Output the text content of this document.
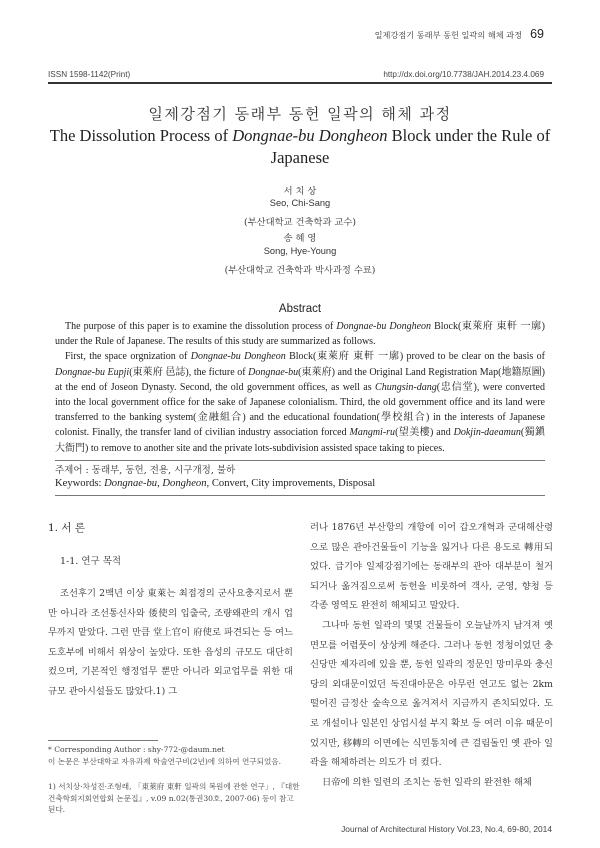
일제강점기 동래부 동헌 일곽의 해체 과정 69
ISSN 1598-1142(Print)	http://dx.doi.org/10.7738/JAH.2014.23.4.069
일제강점기 동래부 동헌 일곽의 해체 과정
The Dissolution Process of Dongnae-bu Dongheon Block under the Rule of Japanese
서 치 상
Seo, Chi-Sang
(부산대학교 건축학과 교수)
송 혜 영
Song, Hye-Young
(부산대학교 건축학과 박사과정 수료)
Abstract

The purpose of this paper is to examine the dissolution process of Dongnae-bu Dongheon Block(東萊府 東軒 一廓) under the Rule of Japanese. The results of this study are summarized as follows.

First, the space orgnization of Dongnae-bu Dongheon Block(東萊府 東軒 一廓) proved to be clear on the basis of Dongnae-bu Eupji(東萊府 邑誌), the ficture of Dongnae-bu(東萊府) and the Original Land Registration Map(地籍原圖) at the end of Joseon Dynasty. Second, the old government offices, as well as Chungsin-dang(忠信堂), were converted into the local government office for the sake of Japanese colonialism. Third, the old government office and its land were transferred to the banking system(金融組合) and the educational foundation(學校組合) in the interests of Japanese colonist. Finally, the transfer land of civilian industry association forced Mangmi-ru(望美樓) and Dokjin-daeamun(獨鎭大衙門) to remove to another site and the private lots-subdivision assisted space taking to pieces.

주제어 : 동래부, 동헌, 전용, 시구개정, 불하
Keywords: Dongnae-bu, Dongheon, Convert, City improvements, Disposal
1. 서 론
1-1. 연구 목적

조선후기 2백년 이상 東萊는 최접경의 군사요충지로서 뿐만 아니라 조선통신사와 倭使의 입출국, 조량왜관의 개시 업무까지 맡았다. 그런 만큼 堂上官이 府使로 파견되는 등 여느 도호부에 비해서 위상이 높았다. 또한 읍성의 규모도 대단히 컸으며, 기본적인 행정업무 뿐만 아니라 외교업무를 위한 대규모 관아시설들도 많았다.1) 그

* Corresponding Author : shy-772-@daum.net
이 논문은 부산대학교 자유과제 학술연구비(2년)에 의하여 연구되었음.
1) 서치상·차성진·조형래, 「東萊府 東軒 일곽의 복원에 관한 연구」, 『대한건축학회지회연합회 논문집』, v.09 n.02(통권30호, 2007·06) 등이 참고된다.

러나 1876년 부산항의 개항에 이어 갑오개혁과 군대해산령으로 많은 관아건물들이 기능을 잃거나 다른 용도로 轉用되었다. 급기야 일제강점기에는 동래부의 관아 대부분이 철거되거나 옮겨짐으로써 동헌을 비롯하여 객사, 군영, 향청 등 각종 영역도 완전히 해체되고 말았다.

그나마 동헌 일곽의 몇몇 건물들이 오늘날까지 남겨져 옛 면모를 어렴풋이 상상케 해준다. 그러나 동헌 정청이었던 충신당만 제자리에 있을 뿐, 동헌 일곽의 정문인 망미루와 충신당의 외대문이었던 독진대아문은 아무런 연고도 없는 2km 떨어진 금정산 숲속으로 옮겨져서 지금까지 존치되었다. 도로 개설이나 일본인 상업시설 부지 확보 등 여러 이유 때문이었지만, 移轉의 이면에는 식민통치에 큰 걸림돌인 옛 관아 일곽을 해체하려는 의도가 더 컸다.

日帝에 의한 일련의 조치는 동헌 일곽의 완전한 해체

Journal of Architectural History Vol.23, No.4, 69-80, 2014
